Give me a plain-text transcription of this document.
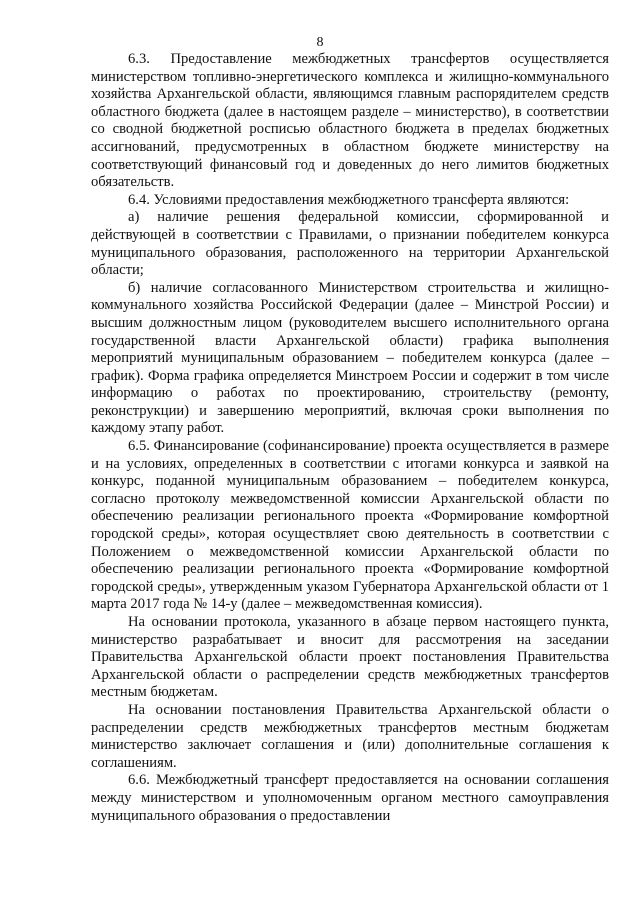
8

6.3. Предоставление межбюджетных трансфертов осуществляется министерством топливно-энергетического комплекса и жилищно-коммунального хозяйства Архангельской области, являющимся главным распорядителем средств областного бюджета (далее в настоящем разделе – министерство), в соответствии со сводной бюджетной росписью областного бюджета в пределах бюджетных ассигнований, предусмотренных в областном бюджете министерству на соответствующий финансовый год и доведенных до него лимитов бюджетных обязательств.

6.4. Условиями предоставления межбюджетного трансферта являются:

а) наличие решения федеральной комиссии, сформированной и действующей в соответствии с Правилами, о признании победителем конкурса муниципального образования, расположенного на территории Архангельской области;

б) наличие согласованного Министерством строительства и жилищно-коммунального хозяйства Российской Федерации (далее – Минстрой России) и высшим должностным лицом (руководителем высшего исполнительного органа государственной власти Архангельской области) графика выполнения мероприятий муниципальным образованием – победителем конкурса (далее – график). Форма графика определяется Минстроем России и содержит в том числе информацию о работах по проектированию, строительству (ремонту, реконструкции) и завершению мероприятий, включая сроки выполнения по каждому этапу работ.

6.5. Финансирование (софинансирование) проекта осуществляется в размере и на условиях, определенных в соответствии с итогами конкурса и заявкой на конкурс, поданной муниципальным образованием – победителем конкурса, согласно протоколу межведомственной комиссии Архангельской области по обеспечению реализации регионального проекта «Формирование комфортной городской среды», которая осуществляет свою деятельность в соответствии с Положением о межведомственной комиссии Архангельской области по обеспечению реализации регионального проекта «Формирование комфортной городской среды», утвержденным указом Губернатора Архангельской области от 1 марта 2017 года № 14-у (далее – межведомственная комиссия).

На основании протокола, указанного в абзаце первом настоящего пункта, министерство разрабатывает и вносит для рассмотрения на заседании Правительства Архангельской области проект постановления Правительства Архангельской области о распределении средств межбюджетных трансфертов местным бюджетам.

На основании постановления Правительства Архангельской области о распределении средств межбюджетных трансфертов местным бюджетам министерство заключает соглашения и (или) дополнительные соглашения к соглашениям.

6.6. Межбюджетный трансферт предоставляется на основании соглашения между министерством и уполномоченным органом местного самоуправления муниципального образования о предоставлении
